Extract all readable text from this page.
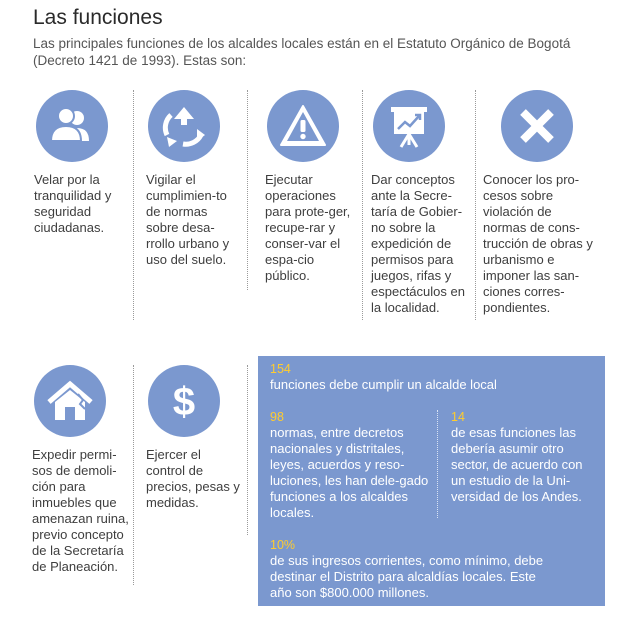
Las funciones
Las principales funciones de los alcaldes locales están en el Estatuto Orgánico de Bogotá (Decreto 1421 de 1993). Estas son:
Velar por la tranquilidad y seguridad ciudadanas.
Vigilar el cumplimien-to de normas sobre desa-rrollo urbano y uso del suelo.
Ejecutar operaciones para prote-ger, recupe-rar y conser-var el espa-cio público.
Dar conceptos ante la Secre-taría de Gobier-no sobre la expedición de permisos para juegos, rifas y espectáculos en la localidad.
Conocer los pro-cesos sobre violación de normas de cons-trucción de obras y urbanismo e imponer las san-ciones corres-pondientes.
Expedir permi-sos de demoli-ción para inmuebles que amenazan ruina, previo concepto de la Secretaría de Planeación.
$
Ejercer el control de precios, pesas y medidas.
154
funciones debe cumplir un alcalde local
98
normas, entre decretos nacionales y distritales, leyes, acuerdos y reso-luciones, les han dele-gado funciones a los alcaldes locales.
14
de esas funciones las debería asumir otro sector, de acuerdo con un estudio de la Uni-versidad de los Andes.
10%
de sus ingresos corrientes, como mínimo, debe destinar el Distrito para alcaldías locales. Este año son $800.000 millones.
